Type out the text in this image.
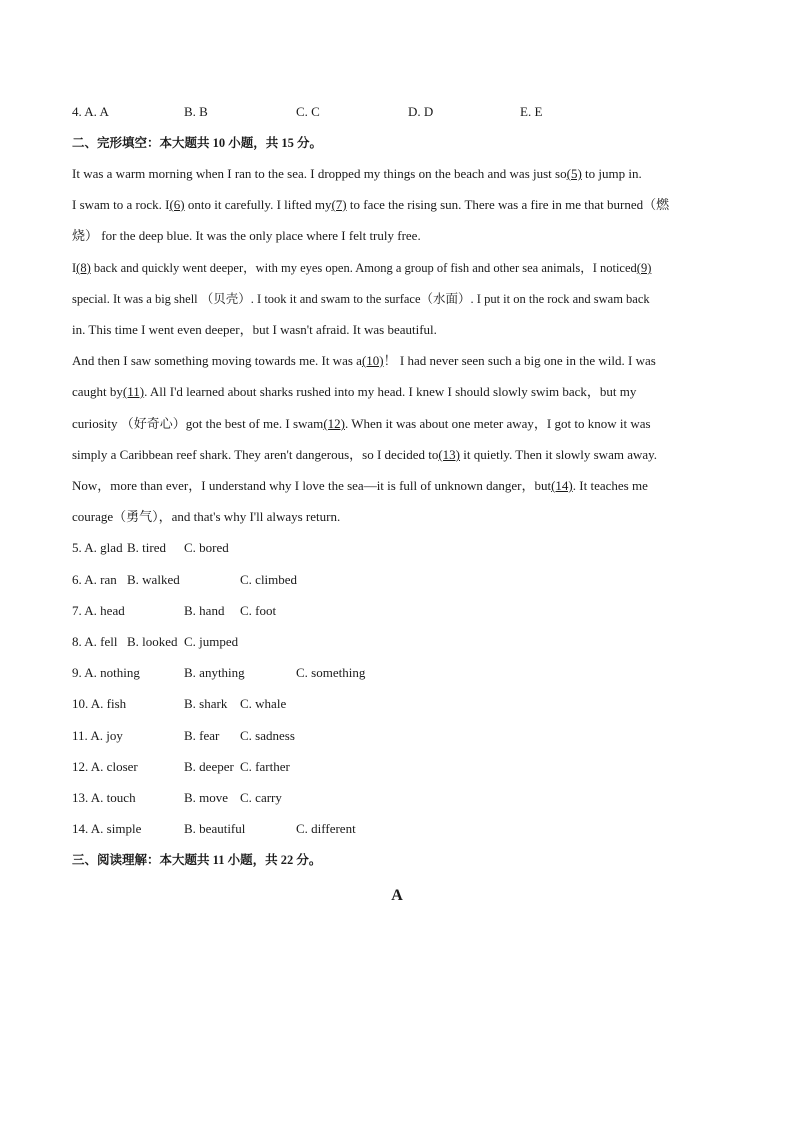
4. A. A	B. B	C. C	D. D	E. E
二、完形填空：本大题共 10 小题，共 15 分。
It was a warm morning when I ran to the sea. I dropped my things on the beach and was just so(5) to jump in.
I swam to a rock. I(6) onto it carefully. I lifted my(7) to face the rising sun. There was a fire in me that burned（燃
烧） for the deep blue. It was the only place where I felt truly free.
I(8) back and quickly went deeper，with my eyes open. Among a group of fish and other sea animals，I noticed(9)
special. It was a big shell （贝壳）. I took it and swam to the surface（水面）. I put it on the rock and swam back
in. This time I went even deeper，but I wasn't afraid. It was beautiful.
And then I saw something moving towards me. It was a(10)！ I had never seen such a big one in the wild. I was
caught by(11). All I'd learned about sharks rushed into my head. I knew I should slowly swim back，but my
curiosity （好奇心）got the best of me. I swam(12). When it was about one meter away，I got to know it was
simply a Caribbean reef shark. They aren't dangerous，so I decided to(13) it quietly. Then it slowly swam away.
Now，more than ever，I understand why I love the sea—it is full of unknown danger，but(14). It teaches me
courage（勇气），and that's why I'll always return.
5. A. glad B. tired C. bored
6. A. ran B. walked	C. climbed
7. A. head	B. hand C. foot
8. A. fell B. looked C. jumped
9. A. nothing	B. anything	C. something
10. A. fish	B. shark C. whale
11. A. joy	B. fear C. sadness
12. A. closer	B. deeper C. farther
13. A. touch	B. move C. carry
14. A. simple	B. beautiful	C. different
三、阅读理解：本大题共 11 小题，共 22 分。
A
